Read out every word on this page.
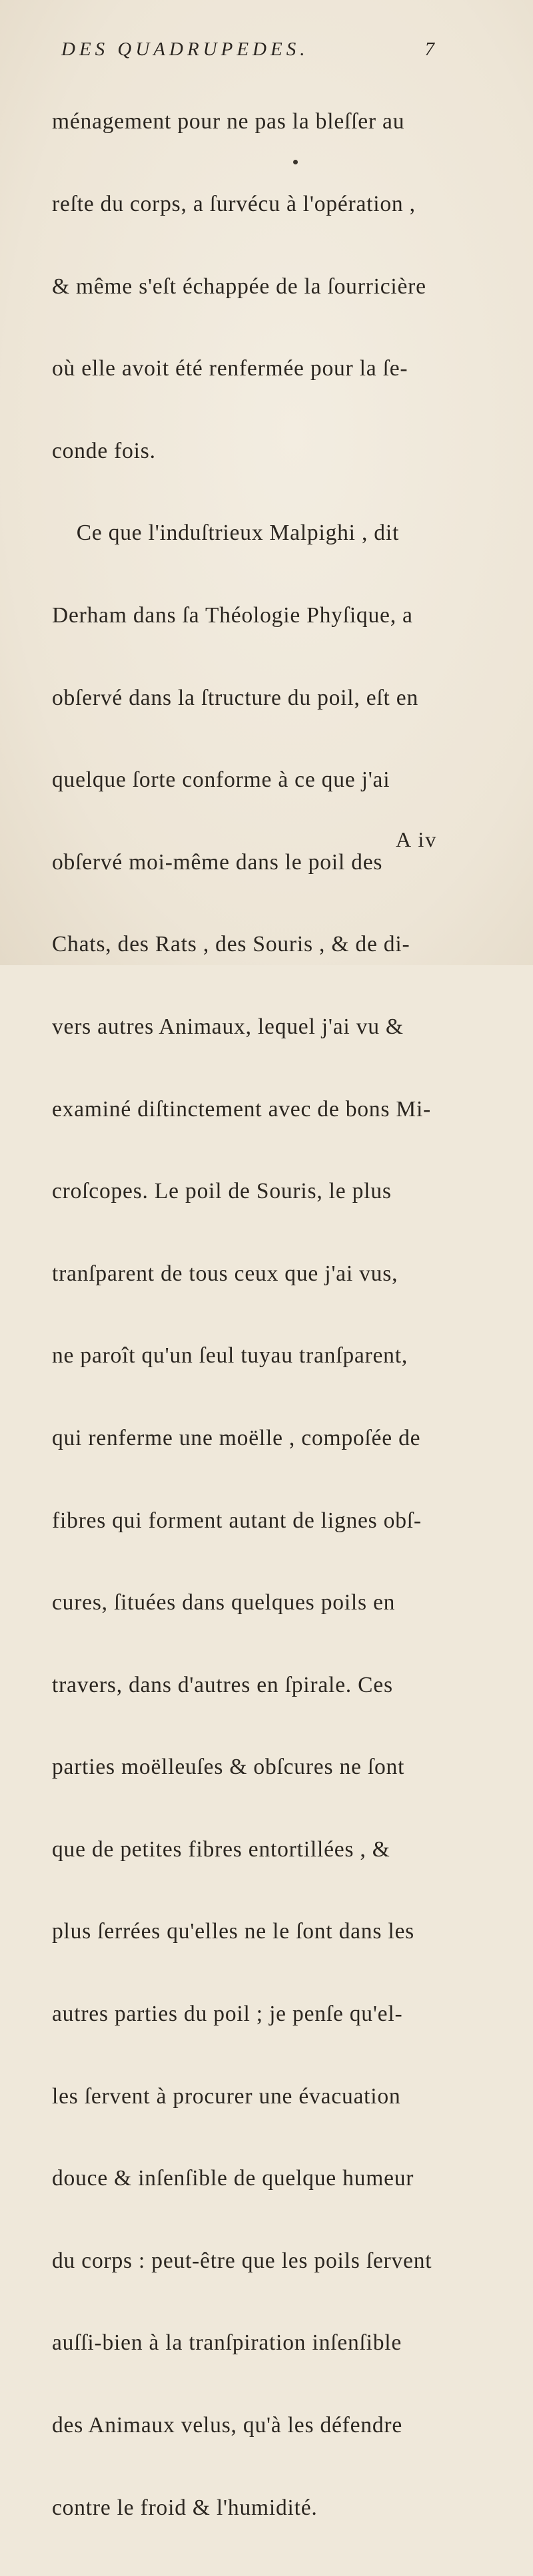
DES QUADRUPEDES.	7

ménagement pour ne pas la bleſſer au

reſte du corps, a ſurvécu à l'opération ,

& même s'eſt échappée de la ſourricière

où elle avoit été renfermée pour la ſe-

conde fois.

Ce que l'induſtrieux Malpighi , dit

Derham dans ſa Théologie Phyſique, a

obſervé dans la ſtructure du poil, eſt en

quelque ſorte conforme à ce que j'ai

obſervé moi-même dans le poil des

Chats, des Rats , des Souris , & de di-

vers autres Animaux, lequel j'ai vu &

examiné diſtinctement avec de bons Mi-

croſcopes. Le poil de Souris, le plus

tranſparent de tous ceux que j'ai vus,

ne paroît qu'un ſeul tuyau tranſparent,

qui renferme une moëlle , compoſée de

fibres qui forment autant de lignes obſ-

cures, ſituées dans quelques poils en

travers, dans d'autres en ſpirale. Ces

parties moëlleuſes & obſcures ne ſont

que de petites fibres entortillées , &

plus ſerrées qu'elles ne le ſont dans les

autres parties du poil ; je penſe qu'el-

les ſervent à procurer une évacuation

douce & inſenſible de quelque humeur

du corps : peut-être que les poils ſervent

auſſi-bien à la tranſpiration inſenſible

des Animaux velus, qu'à les défendre

contre le froid & l'humidité.

A iv
